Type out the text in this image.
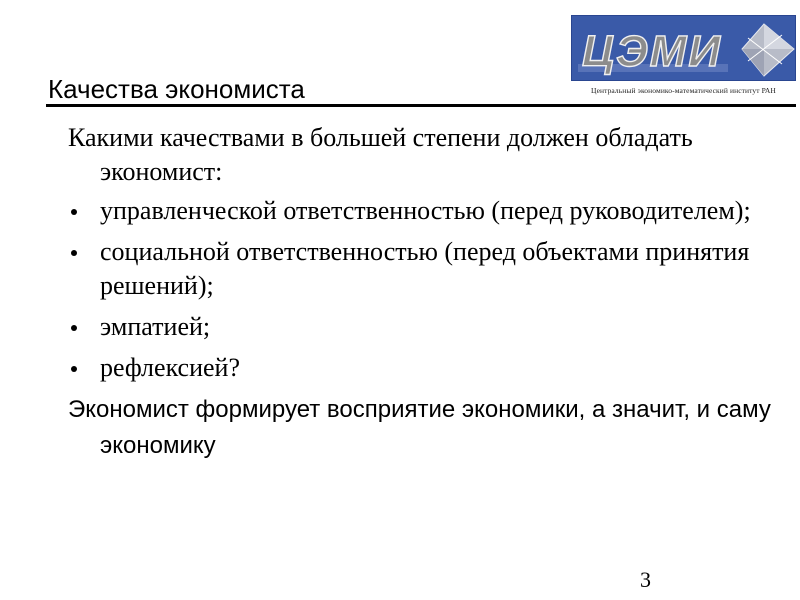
ЦЭМИ
Центральный экономико-математический институт РАН
Качества экономиста
Какими качествами в большей степени должен обладать экономист:
управленческой ответственностью (перед руководителем);
социальной ответственностью (перед объектами принятия решений);
эмпатией;
рефлексией?
Экономист формирует восприятие экономики, а значит, и саму экономику
3
